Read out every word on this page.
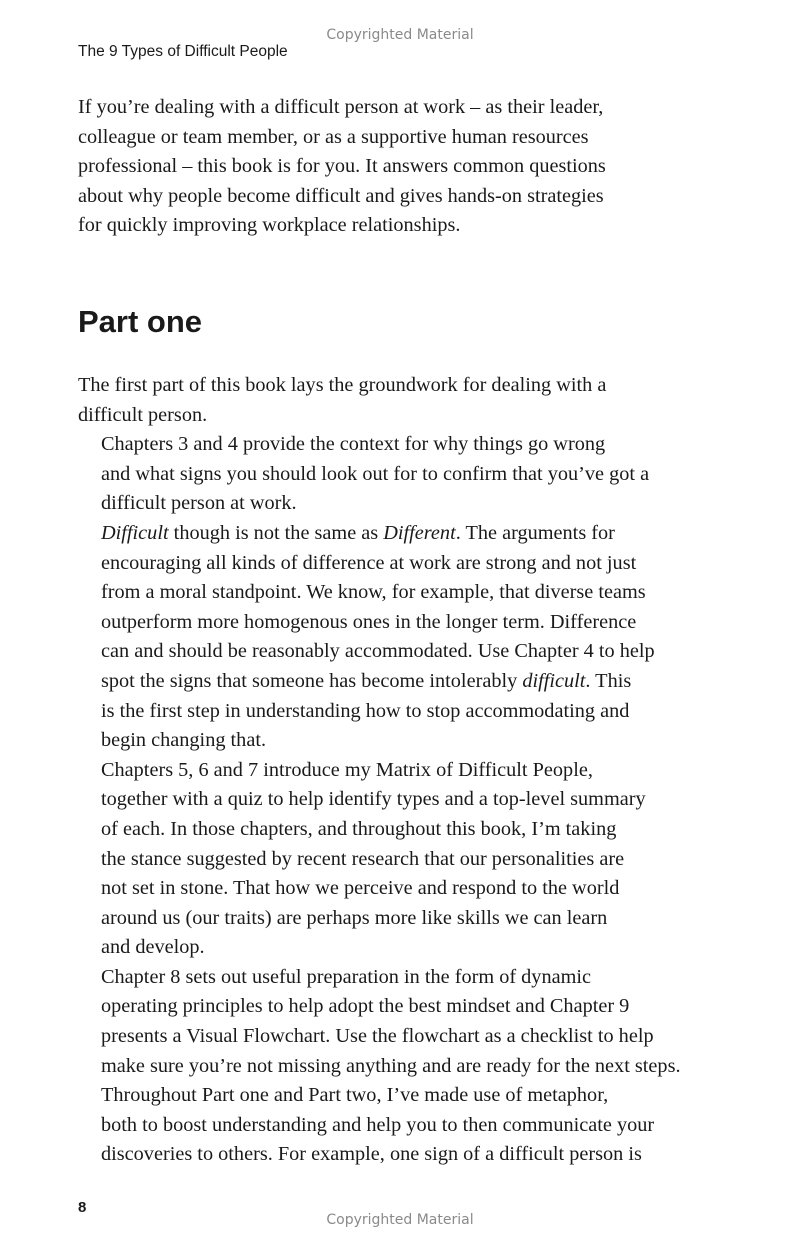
Copyrighted Material
The 9 Types of Difficult People

If you’re dealing with a difficult person at work – as their leader,
colleague or team member, or as a supportive human resources
professional – this book is for you. It answers common questions
about why people become difficult and gives hands-on strategies
for quickly improving workplace relationships.

Part one

The first part of this book lays the groundwork for dealing with a
difficult person.

Chapters 3 and 4 provide the context for why things go wrong
and what signs you should look out for to confirm that you’ve got a
difficult person at work.

Difficult though is not the same as Different. The arguments for
encouraging all kinds of difference at work are strong and not just
from a moral standpoint. We know, for example, that diverse teams
outperform more homogenous ones in the longer term. Difference
can and should be reasonably accommodated. Use Chapter 4 to help
spot the signs that someone has become intolerably difficult. This
is the first step in understanding how to stop accommodating and
begin changing that.

Chapters 5, 6 and 7 introduce my Matrix of Difficult People,
together with a quiz to help identify types and a top-level summary
of each. In those chapters, and throughout this book, I’m taking
the stance suggested by recent research that our personalities are
not set in stone. That how we perceive and respond to the world
around us (our traits) are perhaps more like skills we can learn
and develop.

Chapter 8 sets out useful preparation in the form of dynamic
operating principles to help adopt the best mindset and Chapter 9
presents a Visual Flowchart. Use the flowchart as a checklist to help
make sure you’re not missing anything and are ready for the next steps.

Throughout Part one and Part two, I’ve made use of metaphor,
both to boost understanding and help you to then communicate your
discoveries to others. For example, one sign of a difficult person is

8
Copyrighted Material
